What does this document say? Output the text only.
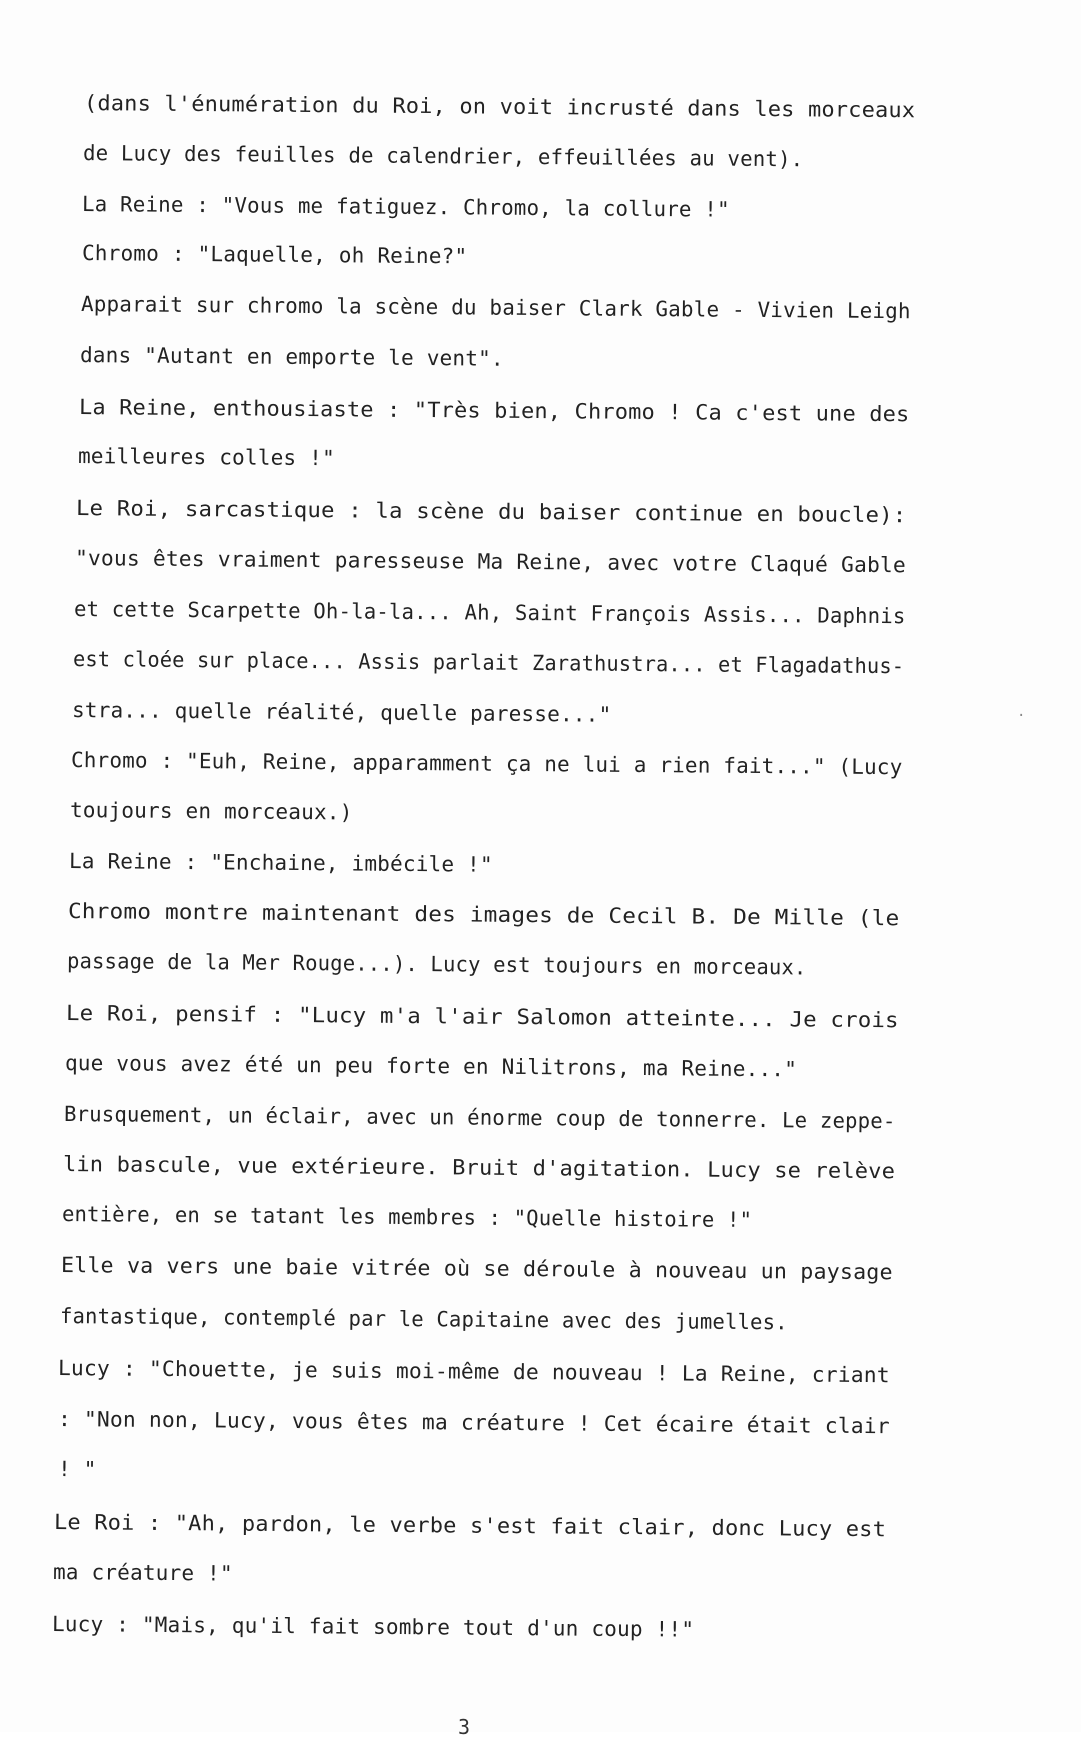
(dans l'énumération du Roi, on voit incrusté dans les morceaux
de Lucy des feuilles de calendrier, effeuillées au vent).
La Reine : "Vous me fatiguez. Chromo, la collure !"
Chromo : "Laquelle, oh Reine?"
Apparait sur chromo la scène du baiser Clark Gable - Vivien Leigh
dans "Autant en emporte le vent".
La Reine, enthousiaste : "Très bien, Chromo ! Ca c'est une des
meilleures colles !"
Le Roi, sarcastique : la scène du baiser continue en boucle):
"vous êtes vraiment paresseuse Ma Reine, avec votre Claqué Gable
et cette Scarpette Oh-la-la... Ah, Saint François Assis... Daphnis
est cloée sur place... Assis parlait Zarathustra... et Flagadathus-
stra... quelle réalité, quelle paresse..."
Chromo : "Euh, Reine, apparamment ça ne lui a rien fait..." (Lucy
toujours en morceaux.)
La Reine : "Enchaine, imbécile !"
Chromo montre maintenant des images de Cecil B. De Mille (le
passage de la Mer Rouge...). Lucy est toujours en morceaux.
Le Roi, pensif : "Lucy m'a l'air Salomon atteinte... Je crois
que vous avez été un peu forte en Nilitrons, ma Reine..."
Brusquement, un éclair, avec un énorme coup de tonnerre. Le zeppe-
lin bascule, vue extérieure. Bruit d'agitation. Lucy se relève
entière, en se tatant les membres : "Quelle histoire !"
Elle va vers une baie vitrée où se déroule à nouveau un paysage
fantastique, contemplé par le Capitaine avec des jumelles.
Lucy : "Chouette, je suis moi-même de nouveau ! La Reine, criant
: "Non non, Lucy, vous êtes ma créature ! Cet écaire était clair
! "
Le Roi : "Ah, pardon, le verbe s'est fait clair, donc Lucy est
ma créature !"
Lucy : "Mais, qu'il fait sombre tout d'un coup !!"
·
3
